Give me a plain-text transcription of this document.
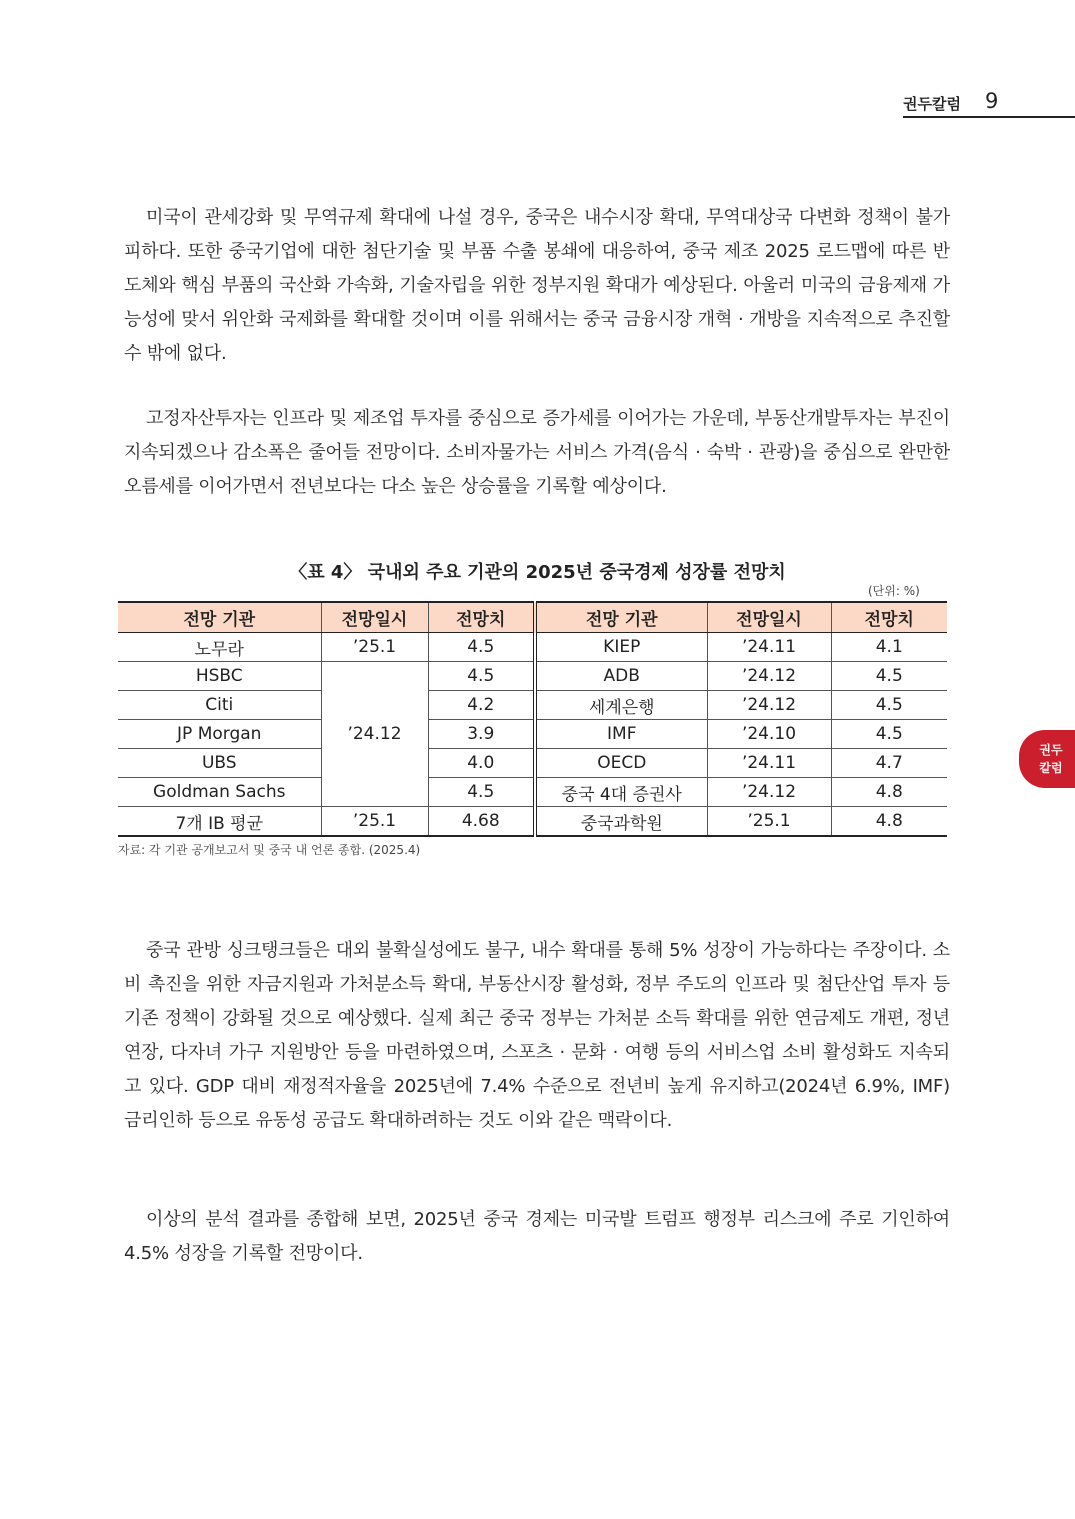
권두칼럼 9
권두
칼럼

미국이 관세강화 및 무역규제 확대에 나설 경우, 중국은 내수시장 확대, 무역대상국 다변화 정책이 불가피하다. 또한 중국기업에 대한 첨단기술 및 부품 수출 봉쇄에 대응하여, 중국 제조 2025 로드맵에 따른 반도체와 핵심 부품의 국산화 가속화, 기술자립을 위한 정부지원 확대가 예상된다. 아울러 미국의 금융제재 가능성에 맞서 위안화 국제화를 확대할 것이며 이를 위해서는 중국 금융시장 개혁 · 개방을 지속적으로 추진할 수 밖에 없다.

고정자산투자는 인프라 및 제조업 투자를 중심으로 증가세를 이어가는 가운데, 부동산개발투자는 부진이 지속되겠으나 감소폭은 줄어들 전망이다. 소비자물가는 서비스 가격(음식 · 숙박 · 관광)을 중심으로 완만한 오름세를 이어가면서 전년보다는 다소 높은 상승률을 기록할 예상이다.

〈표 4〉 국내외 주요 기관의 2025년 중국경제 성장률 전망치
(단위: %)
전망 기관	전망일시	전망치	전망 기관	전망일시	전망치
노무라	’25.1	4.5	KIEP	’24.11	4.1
HSBC	’24.12	4.5	ADB	’24.12	4.5
Citi		4.2	세계은행	’24.12	4.5
JP Morgan		3.9	IMF	’24.10	4.5
UBS		4.0	OECD	’24.11	4.7
Goldman Sachs		4.5	중국 4대 증권사	’24.12	4.8
7개 IB 평균	’25.1	4.68	중국과학원	’25.1	4.8
자료: 각 기관 공개보고서 및 중국 내 언론 종합. (2025.4)

중국 관방 싱크탱크들은 대외 불확실성에도 불구, 내수 확대를 통해 5% 성장이 가능하다는 주장이다. 소비 촉진을 위한 자금지원과 가처분소득 확대, 부동산시장 활성화, 정부 주도의 인프라 및 첨단산업 투자 등 기존 정책이 강화될 것으로 예상했다. 실제 최근 중국 정부는 가처분 소득 확대를 위한 연금제도 개편, 정년 연장, 다자녀 가구 지원방안 등을 마련하였으며, 스포츠 · 문화 · 여행 등의 서비스업 소비 활성화도 지속되고 있다. GDP 대비 재정적자율을 2025년에 7.4% 수준으로 전년비 높게 유지하고(2024년 6.9%, IMF) 금리인하 등으로 유동성 공급도 확대하려하는 것도 이와 같은 맥락이다.

이상의 분석 결과를 종합해 보면, 2025년 중국 경제는 미국발 트럼프 행정부 리스크에 주로 기인하여 4.5% 성장을 기록할 전망이다.
